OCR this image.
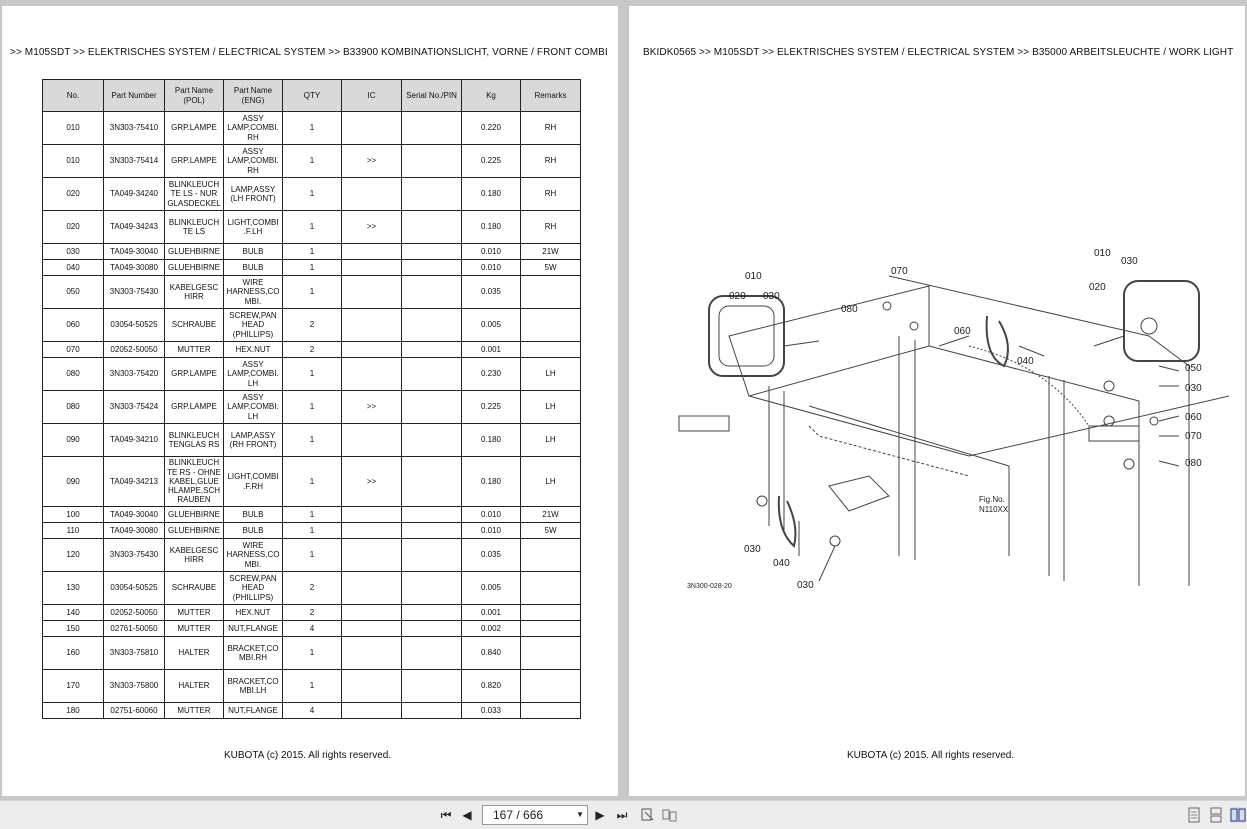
>> M105SDT >> ELEKTRISCHES SYSTEM / ELECTRICAL SYSTEM >> B33900 KOMBINATIONSLICHT, VORNE / FRONT COMBI
No.	Part Number	Part Name (POL)	Part Name (ENG)	QTY	IC	Serial No./PIN	Kg	Remarks
010	3N303-75410	GRP.LAMPE	ASSY LAMP,COMBI. RH	1			0.220	RH
010	3N303-75414	GRP.LAMPE	ASSY LAMP,COMBI. RH	1	>>		0.225	RH
020	TA049-34240	BLINKLEUCH TE LS - NUR GLASDECKEL	LAMP,ASSY (LH FRONT)	1			0.180	RH
020	TA049-34243	BLINKLEUCH TE LS	LIGHT,COMBI .F.LH	1	>>		0.180	RH
030	TA049-30040	GLUEHBIRNE	BULB	1			0.010	21W
040	TA049-30080	GLUEHBIRNE	BULB	1			0.010	5W
050	3N303-75430	KABELGESC HIRR	WIRE HARNESS,CO MBI.	1			0.035	
060	03054-50525	SCHRAUBE	SCREW,PAN HEAD (PHILLIPS)	2			0.005	
070	02052-50050	MUTTER	HEX.NUT	2			0.001	
080	3N303-75420	GRP.LAMPE	ASSY LAMP,COMBI. LH	1			0.230	LH
080	3N303-75424	GRP.LAMPE	ASSY LAMP,COMBI. LH	1	>>		0.225	LH
090	TA049-34210	BLINKLEUCH TENGLAS RS	LAMP,ASSY (RH FRONT)	1			0.180	LH
090	TA049-34213	BLINKLEUCH TE RS - OHNE KABEL,GLUE HLAMPE,SCH RAUBEN	LIGHT,COMBI .F.RH	1	>>		0.180	LH
100	TA049-30040	GLUEHBIRNE	BULB	1			0.010	21W
110	TA049-30080	GLUEHBIRNE	BULB	1			0.010	5W
120	3N303-75430	KABELGESC HIRR	WIRE HARNESS,CO MBI.	1			0.035	
130	03054-50525	SCHRAUBE	SCREW,PAN HEAD (PHILLIPS)	2			0.005	
140	02052-50050	MUTTER	HEX.NUT	2			0.001	
150	02761-50050	MUTTER	NUT,FLANGE	4			0.002	
160	3N303-75810	HALTER	BRACKET,CO MBI.RH	1			0.840	
170	3N303-75800	HALTER	BRACKET,CO MBI.LH	1			0.820	
180	02751-60060	MUTTER	NUT,FLANGE	4			0.033	
KUBOTA (c) 2015. All rights reserved.
BKIDK0565 >> M105SDT >> ELEKTRISCHES SYSTEM / ELECTRICAL SYSTEM >> B35000 ARBEITSLEUCHTE / WORK LIGHT
010
030
020
070
080
060
040
010
030
020
050
030
060
070
080
030
040
030
Fig.No.
N110XX
3N300-028-20
KUBOTA (c) 2015. All rights reserved.
⏮ ◀	167 / 666	▼ ▶ ⏭
